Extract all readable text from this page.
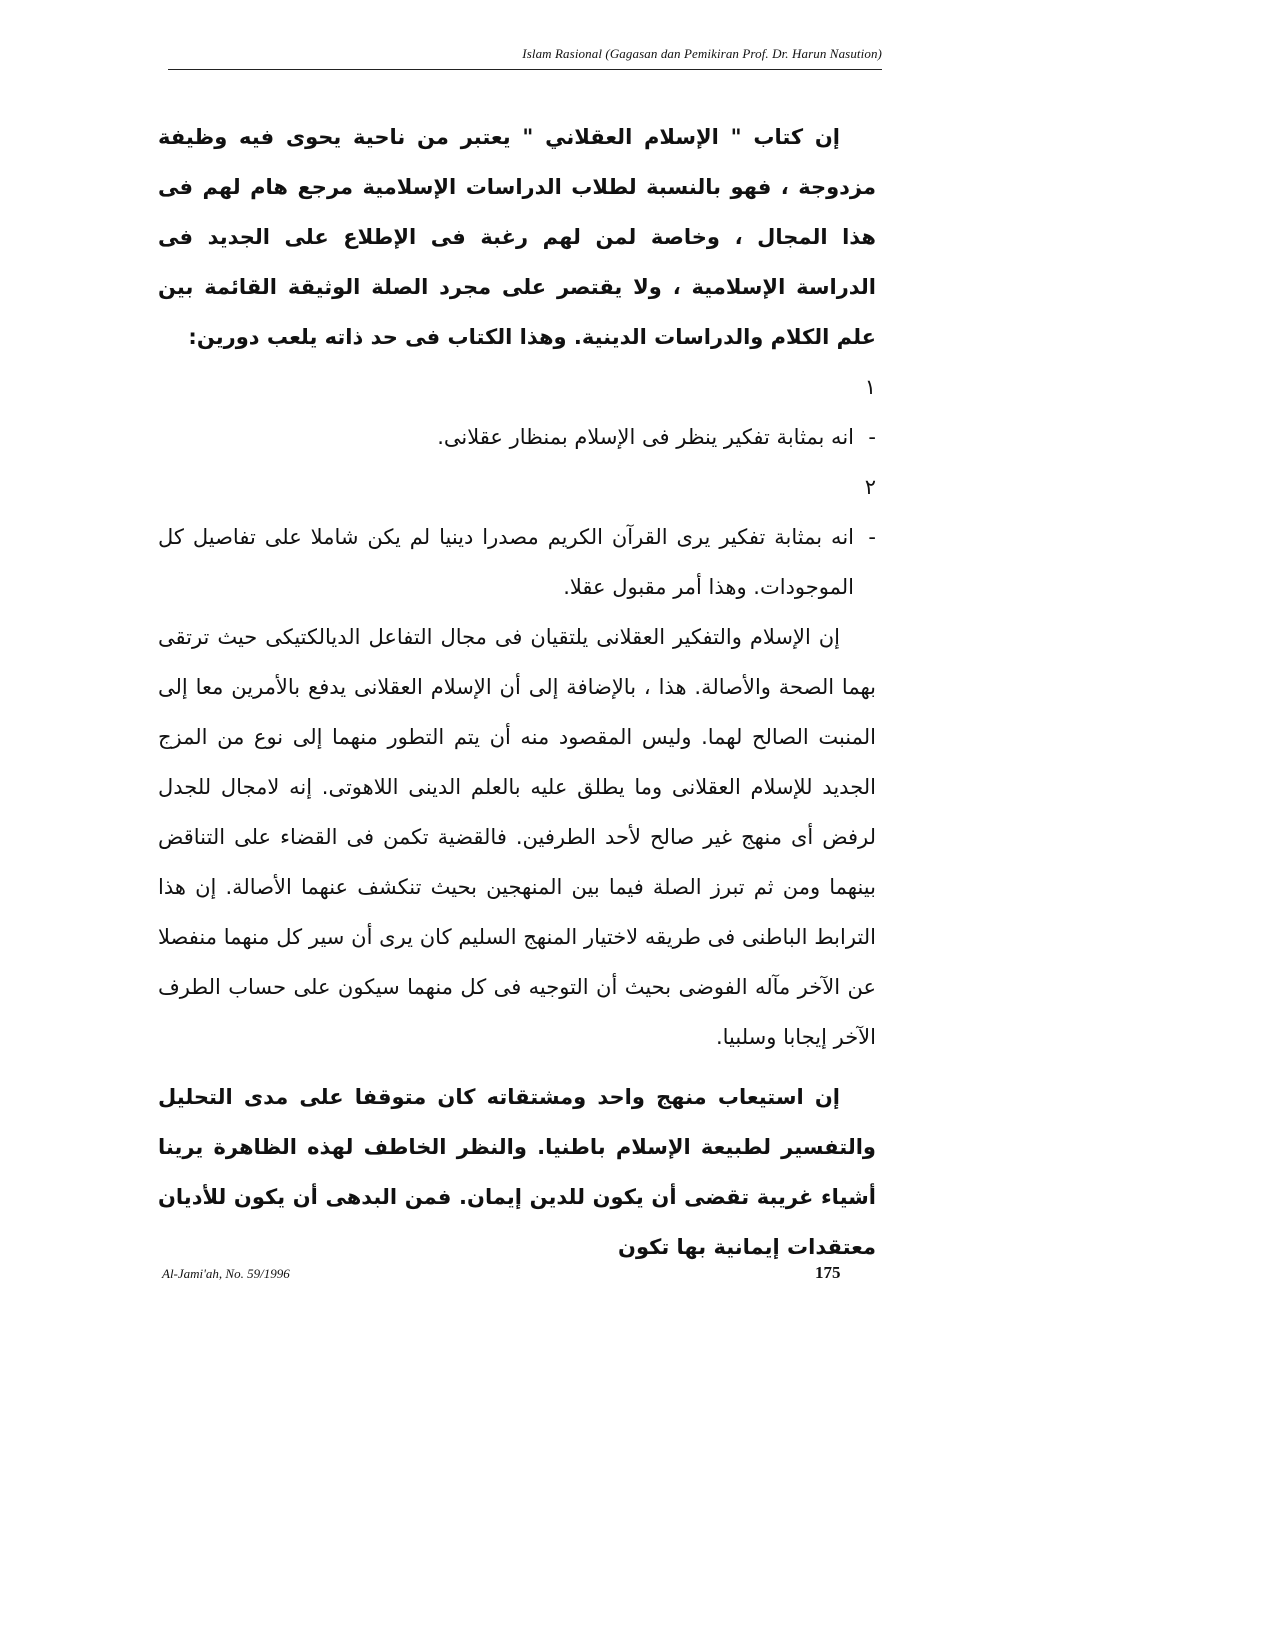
Islam Rasional (Gagasan dan Pemikiran Prof. Dr. Harun Nasution)

إن كتاب " الإسلام العقلاني " يعتبر من ناحية يحوى فيه وظيفة مزدوجة ، فهو بالنسبة لطلاب الدراسات الإسلامية مرجع هام لهم فى هذا المجال ، وخاصة لمن لهم رغبة فى الإطلاع على الجديد فى الدراسة الإسلامية ، ولا يقتصر على مجرد الصلة الوثيقة القائمة بين علم الكلام والدراسات الدينية. وهذا الكتاب فى حد ذاته يلعب دورين:

١ -انه بمثابة تفكير ينظر فى الإسلام بمنظار عقلانى.

٢ -انه بمثابة تفكير يرى القرآن الكريم مصدرا دينيا لم يكن شاملا على تفاصيل كل الموجودات. وهذا أمر مقبول عقلا.

إن الإسلام والتفكير العقلانى يلتقيان فى مجال التفاعل الديالكتيكى حيث ترتقى بهما الصحة والأصالة. هذا ، بالإضافة إلى أن الإسلام العقلانى يدفع بالأمرين معا إلى المنبت الصالح لهما. وليس المقصود منه أن يتم التطور منهما إلى نوع من المزج الجديد للإسلام العقلانى وما يطلق عليه بالعلم الدينى اللاهوتى. إنه لامجال للجدل لرفض أى منهج غير صالح لأحد الطرفين. فالقضية تكمن فى القضاء على التناقض بينهما ومن ثم تبرز الصلة فيما بين المنهجين بحيث تنكشف عنهما الأصالة. إن هذا الترابط الباطنى فى طريقه لاختيار المنهج السليم كان يرى أن سير كل منهما منفصلا عن الآخر مآله الفوضى بحيث أن التوجيه فى كل منهما سيكون على حساب الطرف الآخر إيجابا وسلبيا.

إن استيعاب منهج واحد ومشتقاته كان متوقفا على مدى التحليل والتفسير لطبيعة الإسلام باطنيا. والنظر الخاطف لهذه الظاهرة يرينا أشياء غريبة تقضى أن يكون للدين إيمان. فمن البدهى أن يكون للأديان معتقدات إيمانية بها تكون

Al-Jami'ah, No. 59/1996	175
